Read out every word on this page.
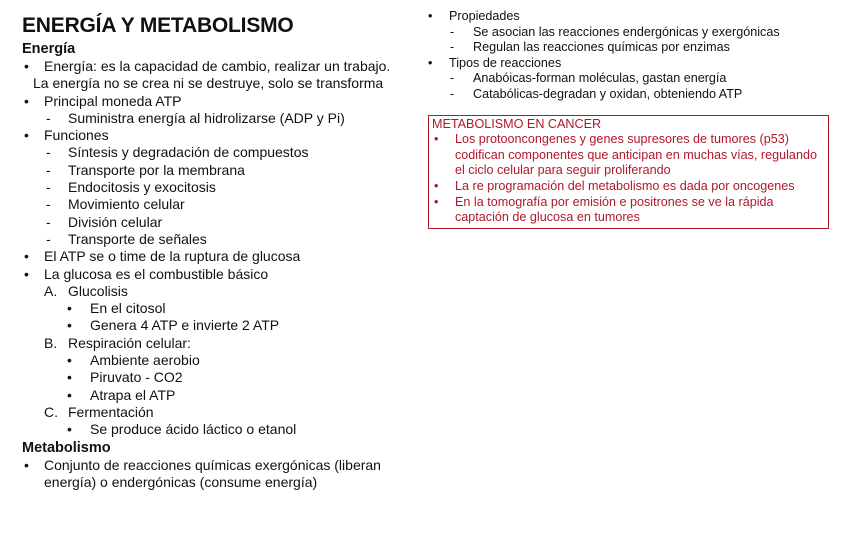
ENERGÍA Y METABOLISMO
Energía
• Energía: es la capacidad de cambio, realizar un trabajo.
La energía no se crea ni se destruye, solo se transforma
• Principal moneda ATP
- Suministra energía al hidrolizarse (ADP y Pi)
• Funciones
- Síntesis y degradación de compuestos
- Transporte por la membrana
- Endocitosis y exocitosis
- Movimiento celular
- División celular
- Transporte de señales
• El ATP se o time de la ruptura de glucosa
• La glucosa es el combustible básico
A. Glucolisis
• En el citosol
• Genera 4 ATP e invierte 2 ATP
B. Respiración celular:
• Ambiente aerobio
• Piruvato - CO2
• Atrapa el ATP
C. Fermentación
• Se produce ácido láctico o etanol
Metabolismo
• Conjunto de reacciones químicas exergónicas (liberan
energía) o endergónicas (consume energía)
• Propiedades
- Se asocian las reacciones endergónicas y exergónicas
- Regulan las reacciones químicas por enzimas
• Tipos de reacciones
- Anabóicas-forman moléculas, gastan energía
- Catabólicas-degradan y oxidan, obteniendo ATP
METABOLISMO EN CANCER
• Los protooncongenes y genes supresores de tumores (p53)
codifican componentes que anticipan en muchas vías, regulando
el ciclo celular para seguir proliferando
• La re programación del metabolismo es dada por oncogenes
• En la tomografía por emisión e positrones se ve la rápida
captación de glucosa en tumores
